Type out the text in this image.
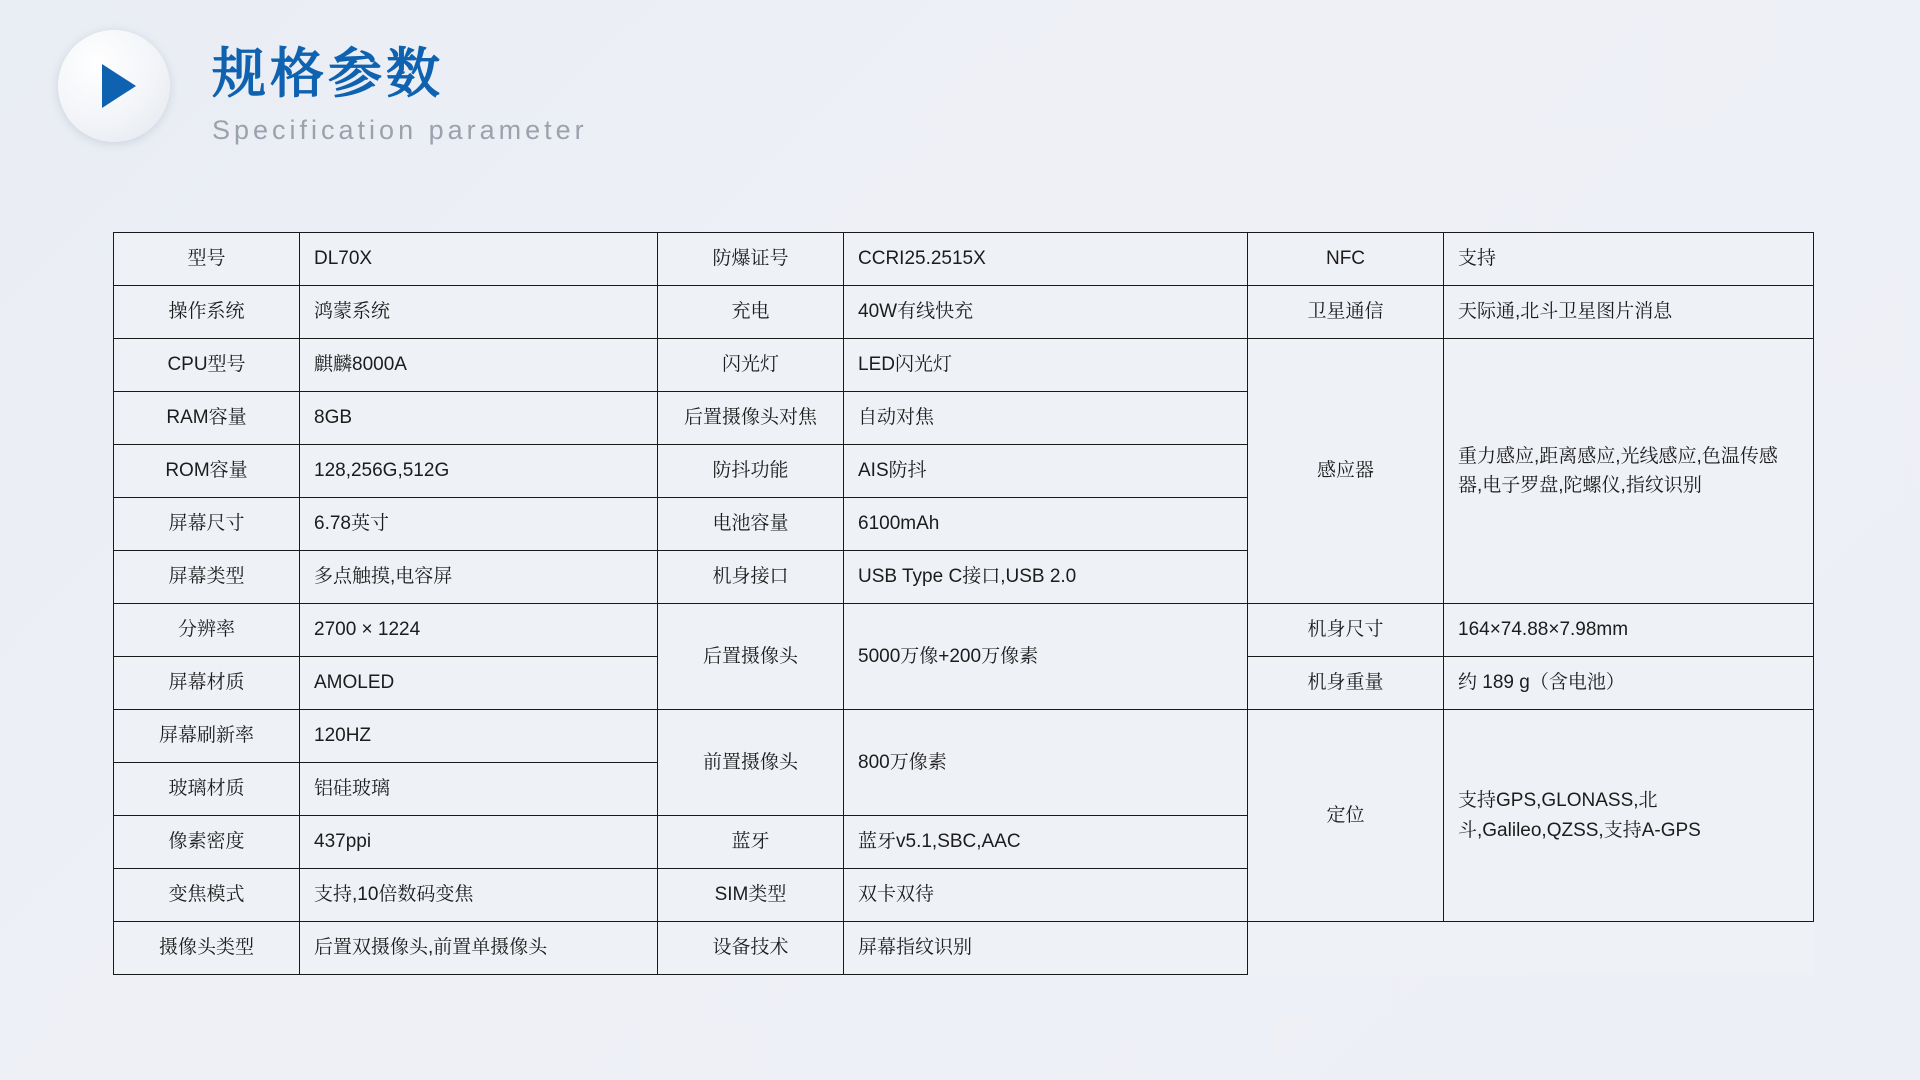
规格参数
Specification parameter
型号	DL70X	防爆证号	CCRI25.2515X	NFC	支持
操作系统	鸿蒙系统	充电	40W有线快充	卫星通信	天际通,北斗卫星图片消息
CPU型号	麒麟8000A	闪光灯	LED闪光灯	感应器	重力感应,距离感应,光线感应,色温传感器,电子罗盘,陀螺仪,指纹识别
RAM容量	8GB	后置摄像头对焦	自动对焦		
ROM容量	128,256G,512G	防抖功能	AIS防抖		
屏幕尺寸	6.78英寸	电池容量	6100mAh		
屏幕类型	多点触摸,电容屏	机身接口	USB Type C接口,USB 2.0		
分辨率	2700 × 1224	后置摄像头	5000万像+200万像素	机身尺寸	164×74.88×7.98mm
屏幕材质	AMOLED			机身重量	约 189 g（含电池）
屏幕刷新率	120HZ	前置摄像头	800万像素	定位	支持GPS,GLONASS,北斗,Galileo,QZSS,支持A-GPS
玻璃材质	铝硅玻璃				
像素密度	437ppi	蓝牙	蓝牙v5.1,SBC,AAC		
变焦模式	支持,10倍数码变焦	SIM类型	双卡双待		
摄像头类型	后置双摄像头,前置单摄像头	设备技术	屏幕指纹识别		
